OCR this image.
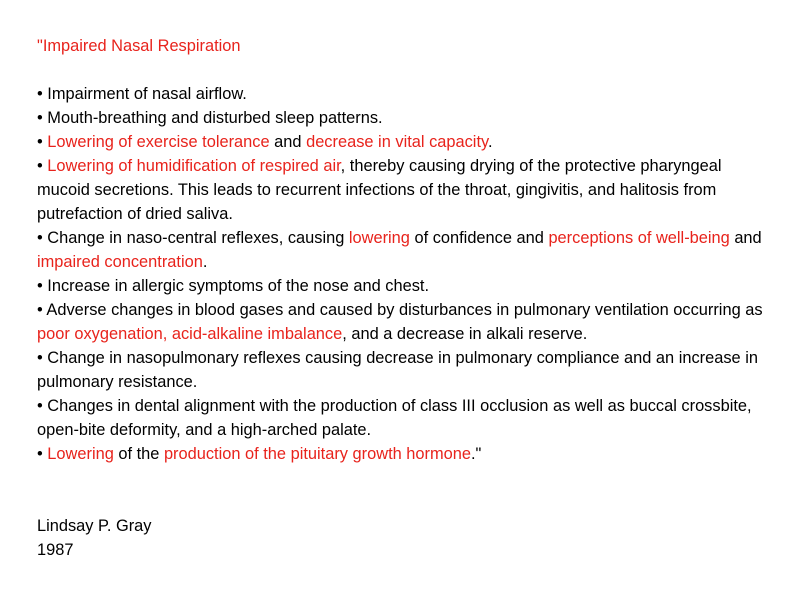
"Impaired Nasal Respiration
• Impairment of nasal airflow.
• Mouth-breathing and disturbed sleep patterns.
• Lowering of exercise tolerance and decrease in vital capacity.
• Lowering of humidification of respired air, thereby causing drying of the protective pharyngeal mucoid secretions. This leads to recurrent infections of the throat, gingivitis, and halitosis from putrefaction of dried saliva.
• Change in naso-central reflexes, causing lowering of confidence and perceptions of well-being and impaired concentration.
• Increase in allergic symptoms of the nose and chest.
• Adverse changes in blood gases and caused by disturbances in pulmonary ventilation occurring as poor oxygenation, acid-alkaline imbalance, and a decrease in alkali reserve.
• Change in nasopulmonary reflexes causing decrease in pulmonary compliance and an increase in pulmonary resistance.
• Changes in dental alignment with the production of class III occlusion as well as buccal crossbite, open-bite deformity, and a high-arched palate.
• Lowering of the production of the pituitary growth hormone."
Lindsay P. Gray
1987
